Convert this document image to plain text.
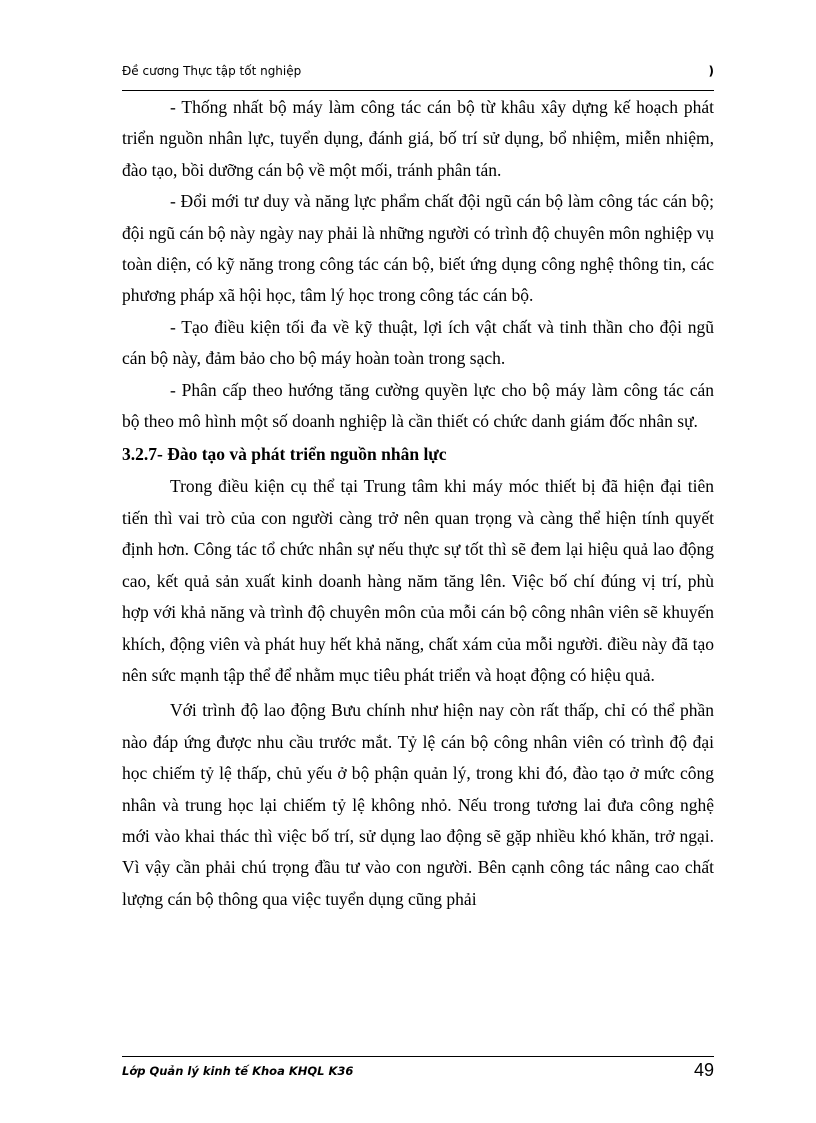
Đề cương Thực tập tốt nghiệp	)

- Thống nhất bộ máy làm công tác cán bộ từ khâu xây dựng kế hoạch phát triển nguồn nhân lực, tuyển dụng, đánh giá, bố trí sử dụng, bổ nhiệm, miễn nhiệm, đào tạo, bồi dưỡng cán bộ về một mối, tránh phân tán.

- Đổi mới tư duy và năng lực phẩm chất đội ngũ cán bộ làm công tác cán bộ; đội ngũ cán bộ này ngày nay phải là những người có trình độ chuyên môn nghiệp vụ toàn diện, có kỹ năng trong công tác cán bộ, biết ứng dụng công nghệ thông tin, các phương pháp xã hội học, tâm lý học trong công tác cán bộ.

- Tạo điều kiện tối đa về kỹ thuật, lợi ích vật chất và tinh thần cho đội ngũ cán bộ này, đảm bảo cho bộ máy hoàn toàn trong sạch.

- Phân cấp theo hướng tăng cường quyền lực cho bộ máy làm công tác cán bộ theo mô hình một số doanh nghiệp là cần thiết có chức danh giám đốc nhân sự.

3.2.7- Đào tạo và phát triển nguồn nhân lực

Trong điều kiện cụ thể tại Trung tâm khi máy móc thiết bị đã hiện đại tiên tiến thì vai trò của con người càng trở nên quan trọng và càng thể hiện tính quyết định hơn. Công tác tổ chức nhân sự nếu thực sự tốt thì sẽ đem lại hiệu quả lao động cao, kết quả sản xuất kinh doanh hàng năm tăng lên. Việc bố chí đúng vị trí, phù hợp với khả năng và trình độ chuyên môn của mỗi cán bộ công nhân viên sẽ khuyến khích, động viên và phát huy hết khả năng, chất xám của mỗi người. điều này đã tạo nên sức mạnh tập thể để nhằm mục tiêu phát triển và hoạt động có hiệu quả.

Với trình độ lao động Bưu chính như hiện nay còn rất thấp, chỉ có thể phần nào đáp ứng được nhu cầu trước mắt. Tỷ lệ cán bộ công nhân viên có trình độ đại học chiếm tỷ lệ thấp, chủ yếu ở bộ phận quản lý, trong khi đó, đào tạo ở mức công nhân và trung học lại chiếm tỷ lệ không nhỏ. Nếu trong tương lai đưa công nghệ mới vào khai thác thì việc bố trí, sử dụng lao động sẽ gặp nhiều khó khăn, trở ngại. Vì vậy cần phải chú trọng đầu tư vào con người. Bên cạnh công tác nâng cao chất lượng cán bộ thông qua việc tuyển dụng cũng phải

Lớp Quản lý kinh tế Khoa KHQL K36	49
